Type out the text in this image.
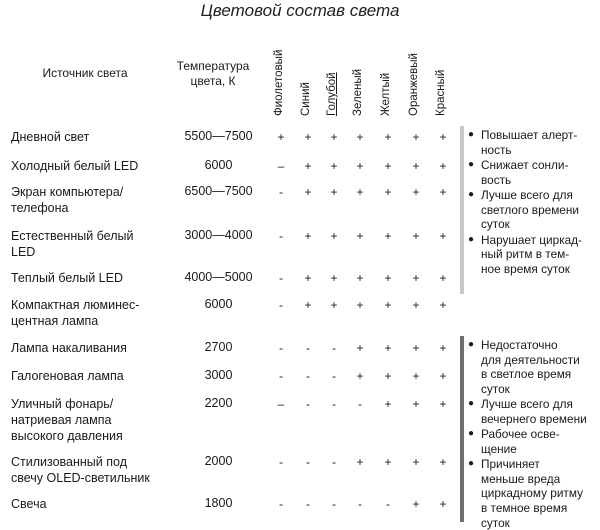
Цветовой состав света
Источник света	Температура
цвета, К	Фиолетовый Синий Голубой Зеленый Желтый Оранжевый Красный
Дневной свет	5500—7500	+ + + + + + +
Холодный белый LED	6000	–	+ + + + + +
Экран компьютера/
телефона
6500—7500	-	+ + + + + +
Естественный белый
LED
3000—4000	-	+ + + + + +
Теплый белый LED	4000—5000	-	+ + + + + +
Компактная люминес-
центная лампа
6000	-	+ + + + + +
Лампа накаливания	2700	-	-	-	+ + + +
Галогеновая лампа	3000	-	-	-	+ + + +
Уличный фонарь/
натриевая лампа
высокого давления
2200	–	-	-	-	+ + +
Стилизованный под
свечу OLED-светильник
2000	-	-	-	+ + + +
Свеча	1800	-	-	-	-	-	+ +
● Повышает алерт-
ность
● Снижает сонли-
вость
● Лучше всего для
светлого времени
суток
● Нарушает циркад-
ный ритм в тем-
ное время суток
● Недостаточно
для деятельности
в светлое время
суток
● Лучше всего для
вечернего времени
● Рабочее осве-
щение
● Причиняет
меньше вреда
циркадному ритму
в темное время
суток
